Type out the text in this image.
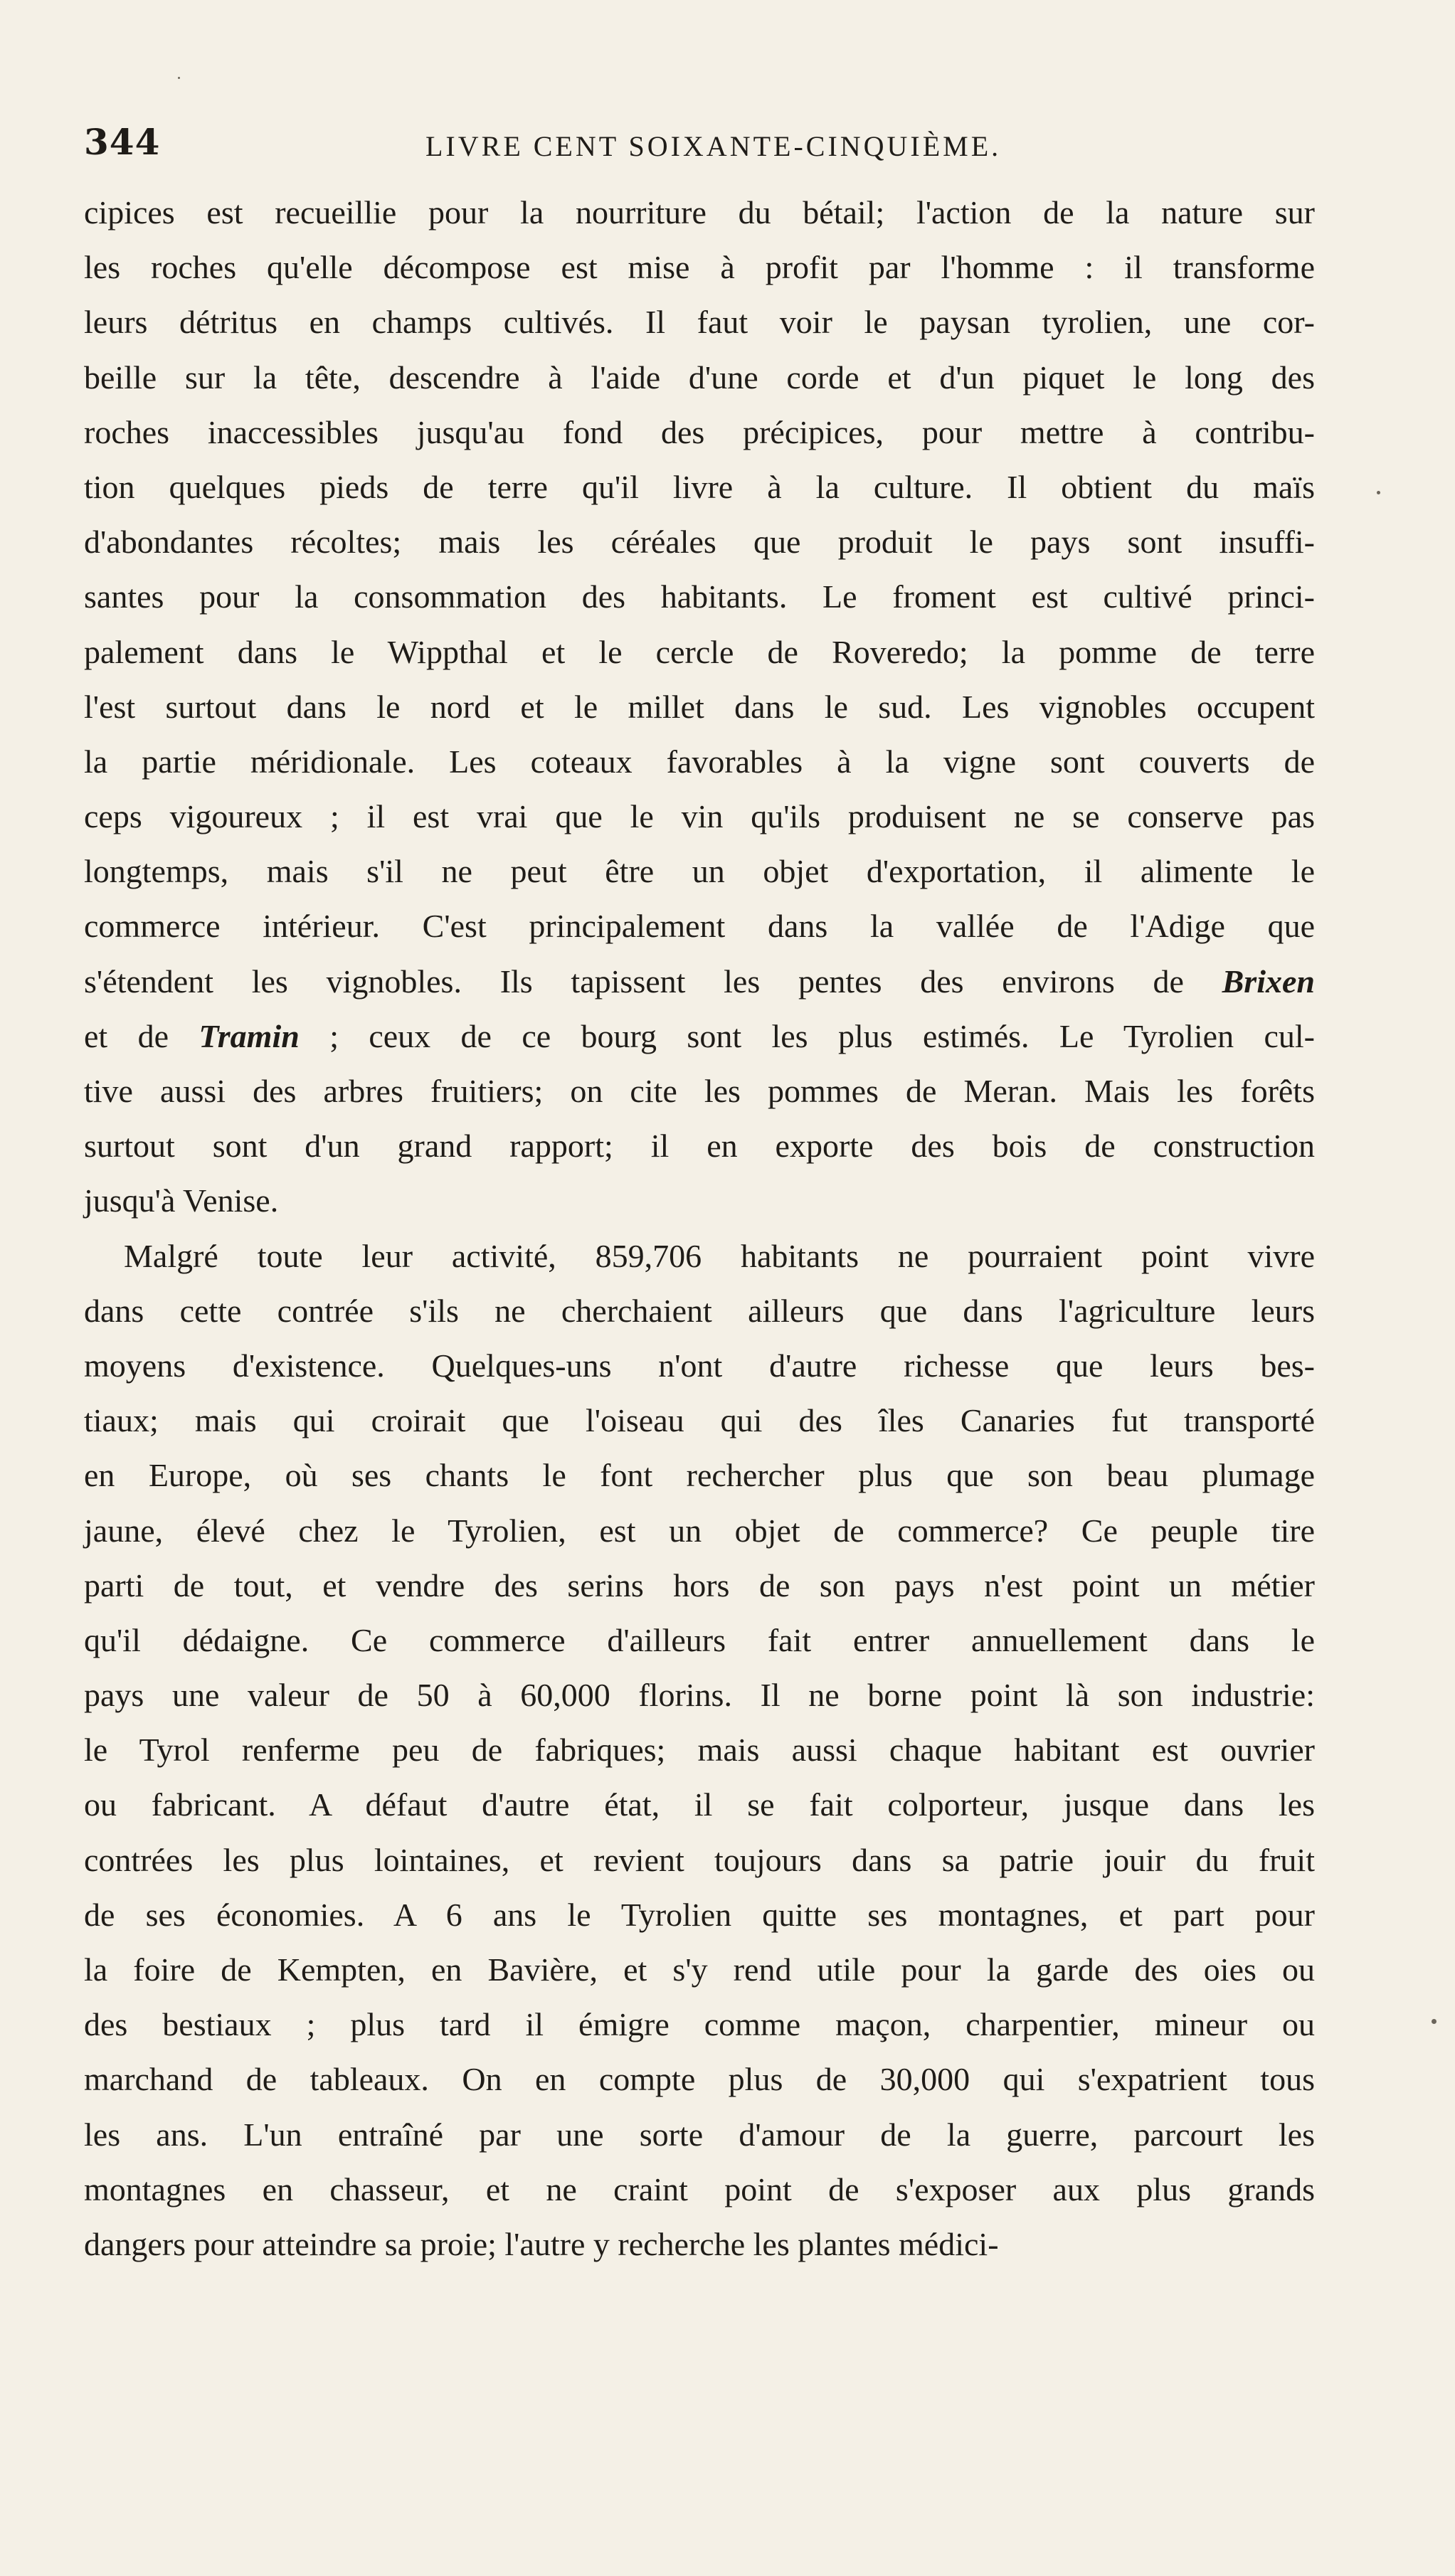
344	LIVRE CENT SOIXANTE-CINQUIÈME.
cipices est recueillie pour la nourriture du bétail; l'action de la nature sur
les roches qu'elle décompose est mise à profit par l'homme : il transforme
leurs détritus en champs cultivés. Il faut voir le paysan tyrolien, une cor-
beille sur la tête, descendre à l'aide d'une corde et d'un piquet le long des
roches inaccessibles jusqu'au fond des précipices, pour mettre à contribu-
tion quelques pieds de terre qu'il livre à la culture. Il obtient du maïs
d'abondantes récoltes; mais les céréales que produit le pays sont insuffi-
santes pour la consommation des habitants. Le froment est cultivé princi-
palement dans le Wippthal et le cercle de Roveredo; la pomme de terre
l'est surtout dans le nord et le millet dans le sud. Les vignobles occupent
la partie méridionale. Les coteaux favorables à la vigne sont couverts de
ceps vigoureux ; il est vrai que le vin qu'ils produisent ne se conserve pas
longtemps, mais s'il ne peut être un objet d'exportation, il alimente le
commerce intérieur. C'est principalement dans la vallée de l'Adige que
s'étendent les vignobles. Ils tapissent les pentes des environs de Brixen
et de Tramin ; ceux de ce bourg sont les plus estimés. Le Tyrolien cul-
tive aussi des arbres fruitiers; on cite les pommes de Meran. Mais les forêts
surtout sont d'un grand rapport; il en exporte des bois de construction
jusqu'à Venise.
Malgré toute leur activité, 859,706 habitants ne pourraient point vivre
dans cette contrée s'ils ne cherchaient ailleurs que dans l'agriculture leurs
moyens d'existence. Quelques-uns n'ont d'autre richesse que leurs bes-
tiaux; mais qui croirait que l'oiseau qui des îles Canaries fut transporté
en Europe, où ses chants le font rechercher plus que son beau plumage
jaune, élevé chez le Tyrolien, est un objet de commerce? Ce peuple tire
parti de tout, et vendre des serins hors de son pays n'est point un métier
qu'il dédaigne. Ce commerce d'ailleurs fait entrer annuellement dans le
pays une valeur de 50 à 60,000 florins. Il ne borne point là son industrie:
le Tyrol renferme peu de fabriques; mais aussi chaque habitant est ouvrier
ou fabricant. A défaut d'autre état, il se fait colporteur, jusque dans les
contrées les plus lointaines, et revient toujours dans sa patrie jouir du fruit
de ses économies. A 6 ans le Tyrolien quitte ses montagnes, et part pour
la foire de Kempten, en Bavière, et s'y rend utile pour la garde des oies ou
des bestiaux ; plus tard il émigre comme maçon, charpentier, mineur ou
marchand de tableaux. On en compte plus de 30,000 qui s'expatrient tous
les ans. L'un entraîné par une sorte d'amour de la guerre, parcourt les
montagnes en chasseur, et ne craint point de s'exposer aux plus grands
dangers pour atteindre sa proie; l'autre y recherche les plantes médici-
